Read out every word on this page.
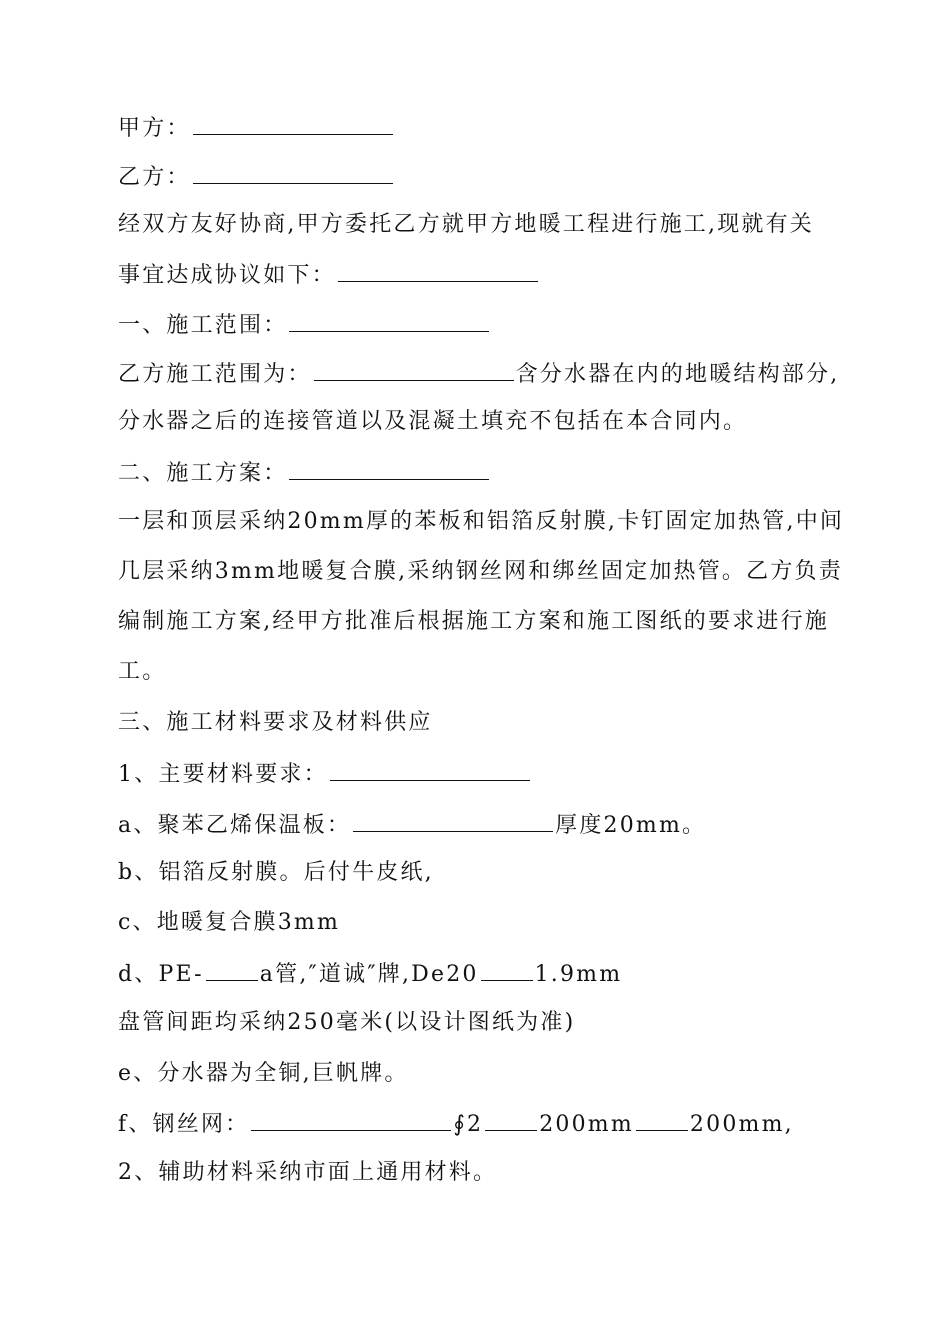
甲方：
乙方：
经双方友好协商,甲方委托乙方就甲方地暖工程进行施工,现就有关
事宜达成协议如下：
一、施工范围：
乙方施工范围为：	含分水器在内的地暖结构部分,
分水器之后的连接管道以及混凝土填充不包括在本合同内。
二、施工方案：
一层和顶层采纳20mm厚的苯板和铝箔反射膜,卡钉固定加热管,中间
几层采纳3mm地暖复合膜,采纳钢丝网和绑丝固定加热管。乙方负责
编制施工方案,经甲方批准后根据施工方案和施工图纸的要求进行施
工。
三、施工材料要求及材料供应
1、主要材料要求：
a、聚苯乙烯保温板：	厚度20mm。
b、铝箔反射膜。后付牛皮纸,
c、地暖复合膜3mm
d、PE-	a管,″道诚″牌,De20	1.9mm
盘管间距均采纳250毫米(以设计图纸为准)
e、分水器为全铜,巨帆牌。
f、钢丝网：	∮2	200mm	200mm,
2、辅助材料采纳市面上通用材料。
